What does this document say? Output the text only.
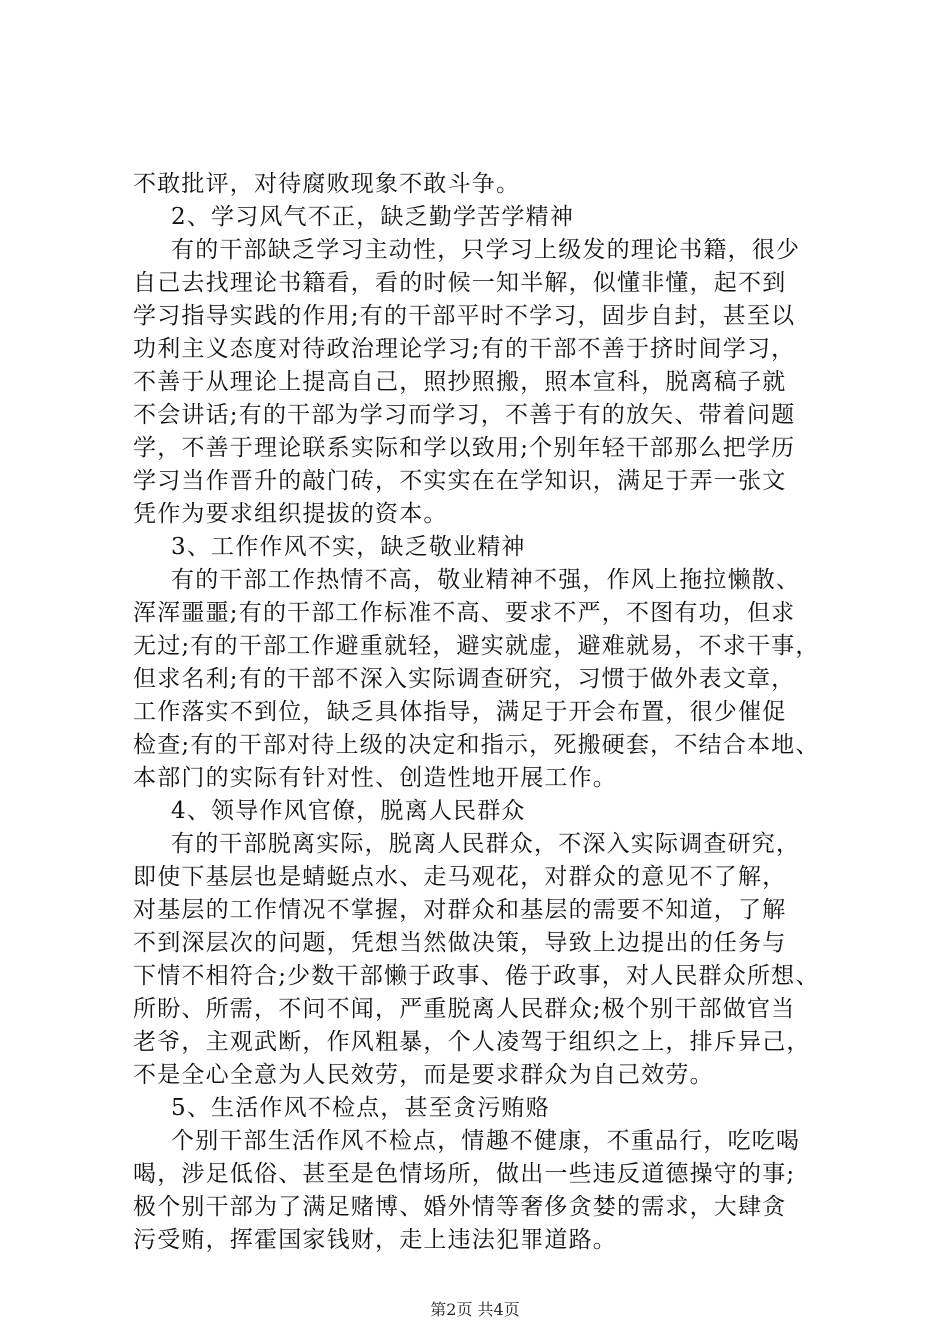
不敢批评，对待腐败现象不敢斗争。
2、学习风气不正，缺乏勤学苦学精神
有的干部缺乏学习主动性，只学习上级发的理论书籍，很少
自己去找理论书籍看，看的时候一知半解，似懂非懂，起不到
学习指导实践的作用;有的干部平时不学习，固步自封，甚至以
功利主义态度对待政治理论学习;有的干部不善于挤时间学习，
不善于从理论上提高自己，照抄照搬，照本宣科，脱离稿子就
不会讲话;有的干部为学习而学习，不善于有的放矢、带着问题
学，不善于理论联系实际和学以致用;个别年轻干部那么把学历
学习当作晋升的敲门砖，不实实在在学知识，满足于弄一张文
凭作为要求组织提拔的资本。
3、工作作风不实，缺乏敬业精神
有的干部工作热情不高，敬业精神不强，作风上拖拉懒散、
浑浑噩噩;有的干部工作标准不高、要求不严，不图有功，但求
无过;有的干部工作避重就轻，避实就虚，避难就易，不求干事，
但求名利;有的干部不深入实际调查研究，习惯于做外表文章，
工作落实不到位，缺乏具体指导，满足于开会布置，很少催促
检查;有的干部对待上级的决定和指示，死搬硬套，不结合本地、
本部门的实际有针对性、创造性地开展工作。
4、领导作风官僚，脱离人民群众
有的干部脱离实际，脱离人民群众，不深入实际调查研究，
即使下基层也是蜻蜓点水、走马观花，对群众的意见不了解，
对基层的工作情况不掌握，对群众和基层的需要不知道，了解
不到深层次的问题，凭想当然做决策，导致上边提出的任务与
下情不相符合;少数干部懒于政事、倦于政事，对人民群众所想、
所盼、所需，不问不闻，严重脱离人民群众;极个别干部做官当
老爷，主观武断，作风粗暴，个人凌驾于组织之上，排斥异己，
不是全心全意为人民效劳，而是要求群众为自己效劳。
5、生活作风不检点，甚至贪污贿赂
个别干部生活作风不检点，情趣不健康，不重品行，吃吃喝
喝，涉足低俗、甚至是色情场所，做出一些违反道德操守的事;
极个别干部为了满足赌博、婚外情等奢侈贪婪的需求，大肆贪
污受贿，挥霍国家钱财，走上违法犯罪道路。
第2页 共4页
